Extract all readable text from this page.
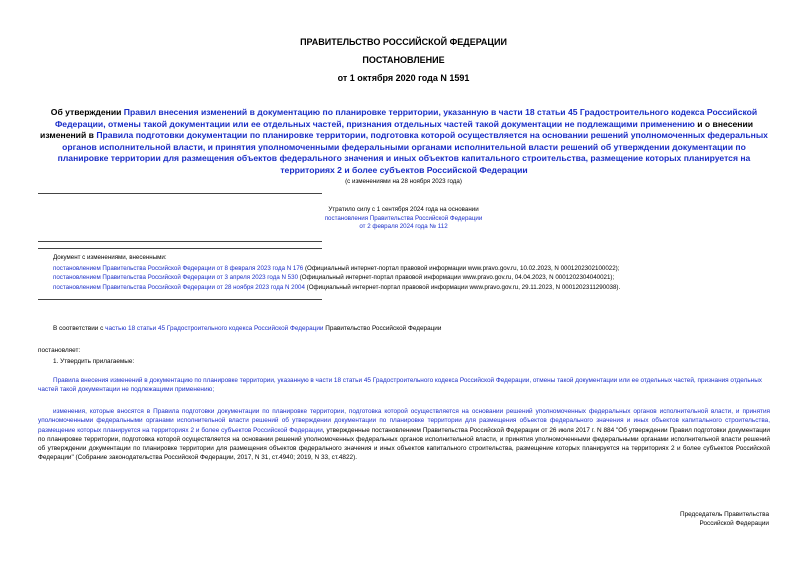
ПРАВИТЕЛЬСТВО РОССИЙСКОЙ ФЕДЕРАЦИИ
ПОСТАНОВЛЕНИЕ
от 1 октября 2020 года N 1591
Об утверждении Правил внесения изменений в документацию по планировке территории, указанную в части 18 статьи 45 Градостроительного кодекса Российской Федерации, отмены такой документации или ее отдельных частей, признания отдельных частей такой документации не подлежащими применению и о внесении изменений в Правила подготовки документации по планировке территории, подготовка которой осуществляется на основании решений уполномоченных федеральных органов исполнительной власти, и принятия уполномоченными федеральными органами исполнительной власти решений об утверждении документации по планировке территории для размещения объектов федерального значения и иных объектов капитального строительства, размещение которых планируется на территориях 2 и более субъектов Российской Федерации
(с изменениями на 28 ноября 2023 года)
Утратило силу с 1 сентября 2024 года на основании
постановления Правительства Российской Федерации
от 2 февраля 2024 года № 112
Документ с изменениями, внесенными:
постановлением Правительства Российской Федерации от 8 февраля 2023 года N 176 (Официальный интернет-портал правовой информации www.pravo.gov.ru, 10.02.2023, N 0001202302100022);
постановлением Правительства Российской Федерации от 3 апреля 2023 года N 530 (Официальный интернет-портал правовой информации www.pravo.gov.ru, 04.04.2023, N 0001202304040021);
постановлением Правительства Российской Федерации от 28 ноября 2023 года N 2004 (Официальный интернет-портал правовой информации www.pravo.gov.ru, 29.11.2023, N 0001202311290038).
В соответствии с частью 18 статьи 45 Градостроительного кодекса Российской Федерации Правительство Российской Федерации
постановляет:
1. Утвердить прилагаемые:
Правила внесения изменений в документацию по планировке территории, указанную в части 18 статьи 45 Градостроительного кодекса Российской Федерации, отмены такой документации или ее отдельных частей, признания отдельных частей такой документации не подлежащими применению;
изменения, которые вносятся в Правила подготовки документации по планировке территории, подготовка которой осуществляется на основании решений уполномоченных федеральных органов исполнительной власти, и принятия уполномоченными федеральными органами исполнительной власти решений об утверждении документации по планировке территории для размещения объектов федерального значения и иных объектов капитального строительства, размещение которых планируется на территориях 2 и более субъектов Российской Федерации, утвержденные постановлением Правительства Российской Федерации от 26 июля 2017 г. N 884 "Об утверждении Правил подготовки документации по планировке территории, подготовка которой осуществляется на основании решений уполномоченных федеральных органов исполнительной власти, и принятия уполномоченными федеральными органами исполнительной власти решений об утверждении документации по планировке территории для размещения объектов федерального значения и иных объектов капитального строительства, размещение которых планируется на территориях 2 и более субъектов Российской Федерации" (Собрание законодательства Российской Федерации, 2017, N 31, ст.4940; 2019, N 33, ст.4822).
Председатель Правительства
Российской Федерации
